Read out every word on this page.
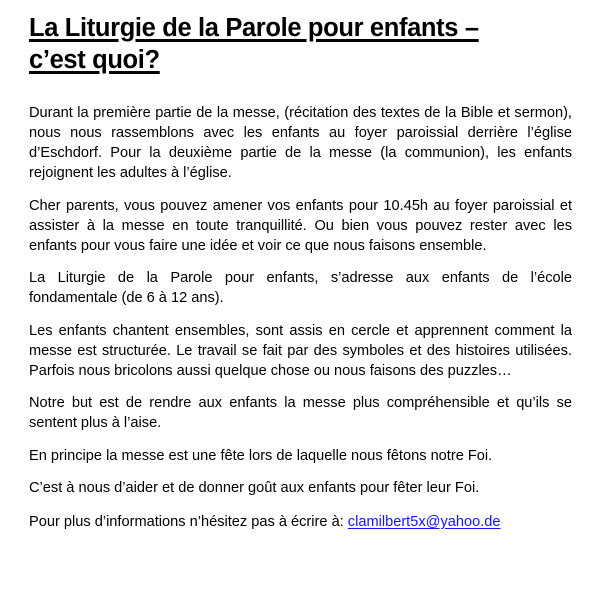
La Liturgie de la Parole pour enfants –
c’est quoi?

Durant la première partie de la messe, (récitation des textes de la Bible et sermon), nous nous rassemblons avec les enfants au foyer paroissial derrière l’église d’Eschdorf. Pour la deuxième partie de la messe (la communion), les enfants rejoignent les adultes à l’église.

Cher parents, vous pouvez amener vos enfants pour 10.45h au foyer paroissial et assister à la messe en toute tranquillité. Ou bien vous pouvez rester avec les enfants pour vous faire une idée et voir ce que nous faisons ensemble.

La Liturgie de la Parole pour enfants, s’adresse aux enfants de l’école fondamentale (de 6 à 12 ans).

Les enfants chantent ensembles, sont assis en cercle et apprennent comment la messe est structurée. Le travail se fait par des symboles et des histoires utilisées. Parfois nous bricolons aussi quelque chose ou nous faisons des puzzles…

Notre but est de rendre aux enfants la messe plus compréhensible et qu’ils se sentent plus à l’aise.

En principe la messe est une fête lors de laquelle nous fêtons notre Foi.

C’est à nous d’aider et de donner goût aux enfants pour fêter leur Foi.

Pour plus d’informations n’hésitez pas à écrire à: clamilbert5x@yahoo.de
